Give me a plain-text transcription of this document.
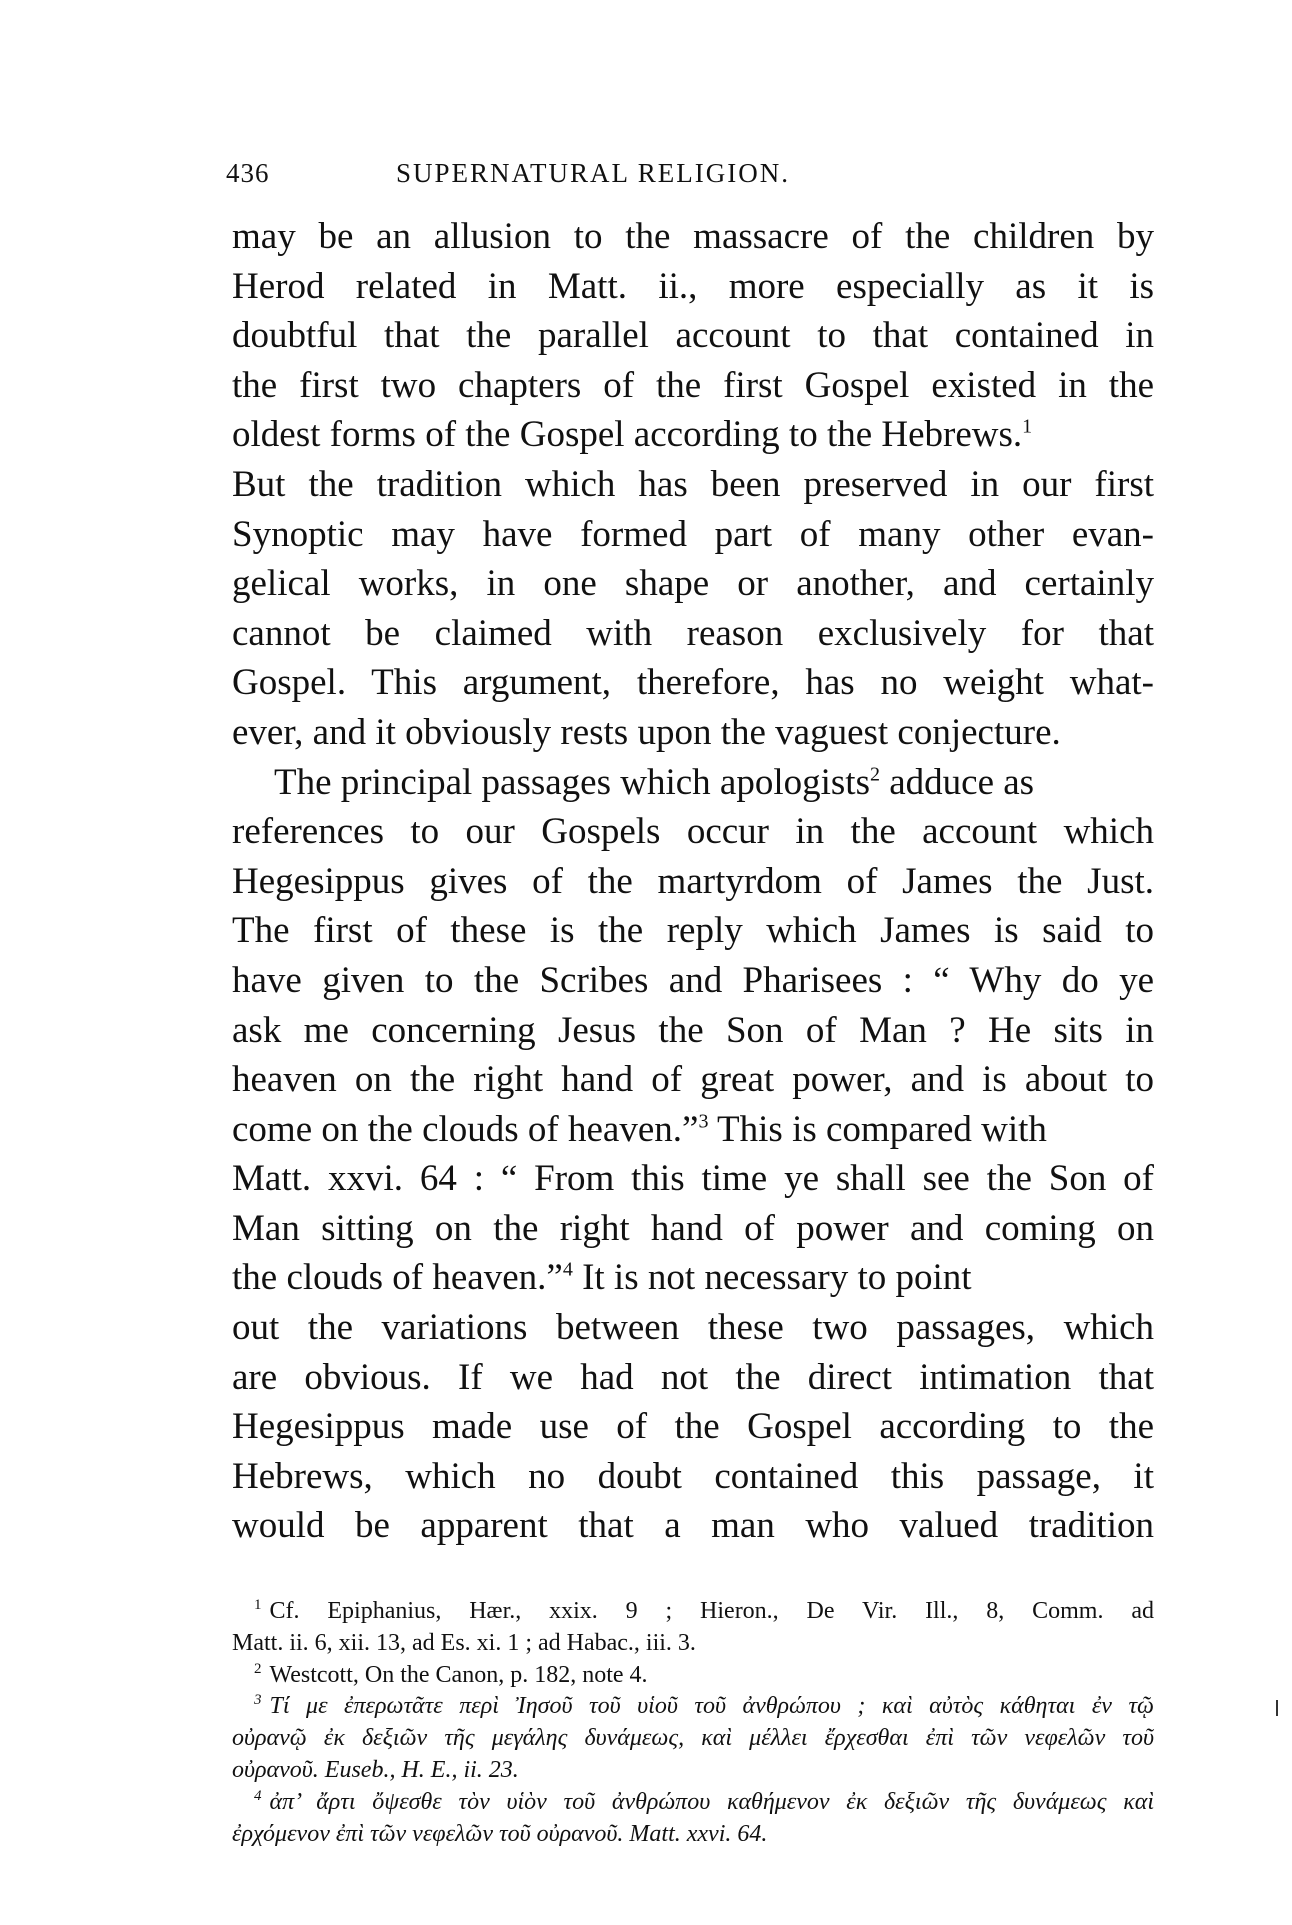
436	SUPERNATURAL RELIGION.
may be an allusion to the massacre of the children by
Herod related in Matt. ii., more especially as it is
doubtful that the parallel account to that contained in
the first two chapters of the first Gospel existed in the
oldest forms of the Gospel according to the Hebrews.$^1$
But the tradition which has been preserved in our first
Synoptic may have formed part of many other evan-
gelical works, in one shape or another, and certainly
cannot be claimed with reason exclusively for that
Gospel. This argument, therefore, has no weight what-
ever, and it obviously rests upon the vaguest conjecture.
The principal passages which apologists$^2$ adduce as
references to our Gospels occur in the account which
Hegesippus gives of the martyrdom of James the Just.
The first of these is the reply which James is said to
have given to the Scribes and Pharisees : “ Why do ye
ask me concerning Jesus the Son of Man ? He sits in
heaven on the right hand of great power, and is about to
come on the clouds of heaven.”$^3$ This is compared with
Matt. xxvi. 64 : “ From this time ye shall see the Son of
Man sitting on the right hand of power and coming on
the clouds of heaven.”$^4$ It is not necessary to point
out the variations between these two passages, which
are obvious. If we had not the direct intimation that
Hegesippus made use of the Gospel according to the
Hebrews, which no doubt contained this passage, it
would be apparent that a man who valued tradition
$^1$ Cf. Epiphanius, Hær., xxix. 9 ; Hieron., De Vir. Ill., 8, Comm. ad
Matt. ii. 6, xii. 13, ad Es. xi. 1 ; ad Habac., iii. 3.
$^2$ Westcott, On the Canon, p. 182, note 4.
$^3$ Τί με ἐπερωτᾶτε περὶ Ἰησοῦ τοῦ υἱοῦ τοῦ ἀνθρώπου ; καὶ αὐτὸς κάθηται ἐν τῷ
οὐρανῷ ἐκ δεξιῶν τῆς μεγάλης δυνάμεως, καὶ μέλλει ἔρχεσθαι ἐπὶ τῶν νεφελῶν τοῦ
οὐρανοῦ. Euseb., H. E., ii. 23.
$^4$ ἀπ’ ἄρτι ὄψεσθε τὸν υἱὸν τοῦ ἀνθρώπου καθήμενον ἐκ δεξιῶν τῆς δυνάμεως καὶ
ἐρχόμενον ἐπὶ τῶν νεφελῶν τοῦ οὐρανοῦ. Matt. xxvi. 64.
